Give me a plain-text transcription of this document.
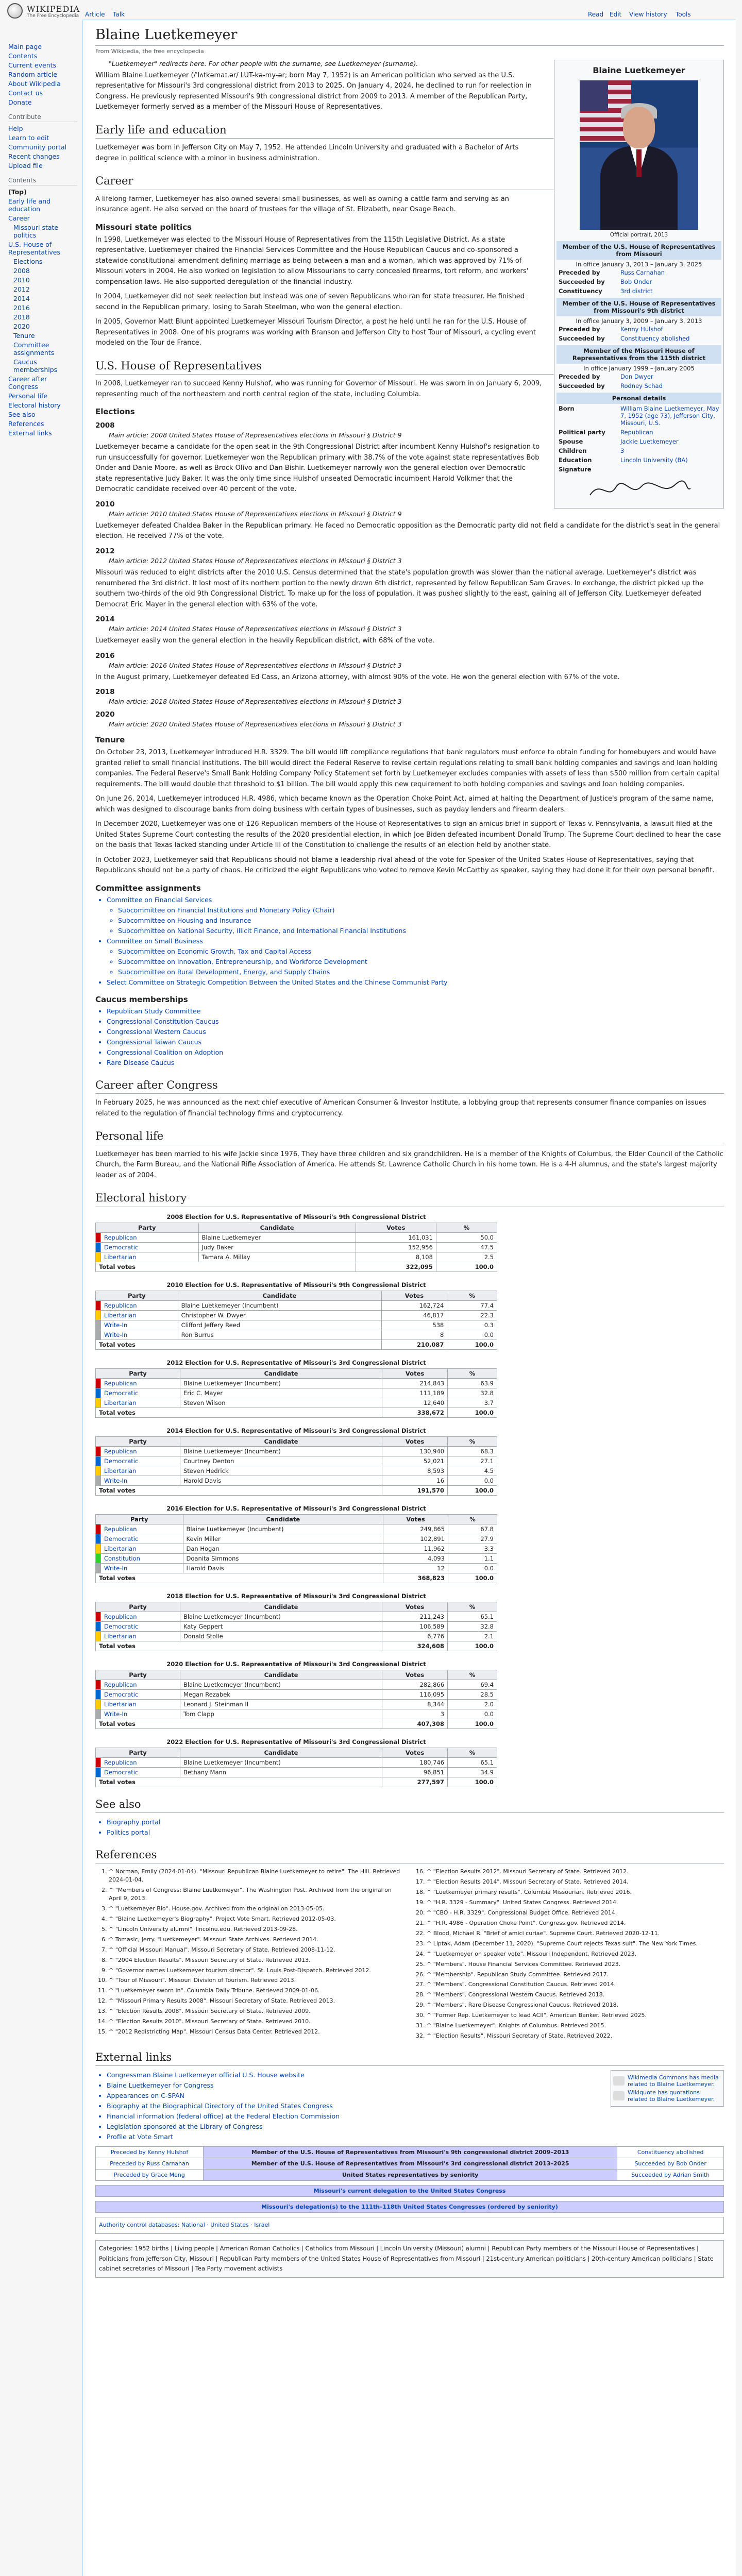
WIKIPEDIA
The Free Encyclopedia
Main page
Contents
Current events
Random article
About Wikipedia
Contact us
Donate
Contribute
Help
Learn to edit
Community portal
Recent changes
Upload file
Contents
(Top)
Early life and education
Career
Missouri state politics
U.S. House of Representatives
Elections
2008
2010
2012
2014
2016
2018
2020
Tenure
Committee assignments
Caucus memberships
Career after Congress
Personal life
Electoral history
See also
References
External links
Article Talk	Read Edit View history Tools
Blaine Luetkemeyer
From Wikipedia, the free encyclopedia
Blaine Luetkemeyer
Official portrait, 2013
Member of the U.S. House of Representatives from Missouri
In office January 3, 2013 – January 3, 2025
Preceded by	Russ Carnahan
Succeeded by	Bob Onder
Constituency	3rd district
Member of the U.S. House of Representatives from Missouri's 9th district
In office January 3, 2009 – January 3, 2013
Preceded by	Kenny Hulshof
Succeeded by	Constituency abolished
Member of the Missouri House of Representatives from the 115th district
In office January 1999 – January 2005
Preceded by	Don Dwyer
Succeeded by	Rodney Schad
Personal details
Born	William Blaine Luetkemeyer, May 7, 1952 (age 73), Jefferson City, Missouri, U.S.
Political party	Republican
Spouse	Jackie Luetkemeyer
Children	3
Education	Lincoln University (BA)
Signature
"Luetkemeyer" redirects here. For other people with the surname, see Luetkemeyer (surname).

William Blaine Luetkemeyer (/ˈlʌtkəmaɪ.ər/ LUT-kə-my-ər; born May 7, 1952) is an American politician who served as the U.S. representative for Missouri's 3rd congressional district from 2013 to 2025. On January 4, 2024, he declined to run for reelection in Congress. He previously represented Missouri's 9th congressional district from 2009 to 2013. A member of the Republican Party, Luetkemeyer formerly served as a member of the Missouri House of Representatives.

Early life and education

Luetkemeyer was born in Jefferson City on May 7, 1952. He attended Lincoln University and graduated with a Bachelor of Arts degree in political science with a minor in business administration.

Career

A lifelong farmer, Luetkemeyer has also owned several small businesses, as well as owning a cattle farm and serving as an insurance agent. He also served on the board of trustees for the village of St. Elizabeth, near Osage Beach.

Missouri state politics

In 1998, Luetkemeyer was elected to the Missouri House of Representatives from the 115th Legislative District. As a state representative, Luetkemeyer chaired the Financial Services Committee and the House Republican Caucus and co-sponsored a statewide constitutional amendment defining marriage as being between a man and a woman, which was approved by 71% of Missouri voters in 2004. He also worked on legislation to allow Missourians to carry concealed firearms, tort reform, and workers' compensation laws. He also supported deregulation of the financial industry.

In 2004, Luetkemeyer did not seek reelection but instead was one of seven Republicans who ran for state treasurer. He finished second in the Republican primary, losing to Sarah Steelman, who won the general election.

In 2005, Governor Matt Blunt appointed Luetkemeyer Missouri Tourism Director, a post he held until he ran for the U.S. House of Representatives in 2008. One of his programs was working with Branson and Jefferson City to host Tour of Missouri, a cycling event modeled on the Tour de France.

U.S. House of Representatives

In 2008, Luetkemeyer ran to succeed Kenny Hulshof, who was running for Governor of Missouri. He was sworn in on January 6, 2009, representing much of the northeastern and north central region of the state, including Columbia.

Elections
2008
Main article: 2008 United States House of Representatives elections in Missouri § District 9

Luetkemeyer became a candidate for the open seat in the 9th Congressional District after incumbent Kenny Hulshof's resignation to run unsuccessfully for governor. Luetkemeyer won the Republican primary with 38.7% of the vote against state representatives Bob Onder and Danie Moore, as well as Brock Olivo and Dan Bishir. Luetkemeyer narrowly won the general election over Democratic state representative Judy Baker. It was the only time since Hulshof unseated Democratic incumbent Harold Volkmer that the Democratic candidate received over 40 percent of the vote.

2010
Main article: 2010 United States House of Representatives elections in Missouri § District 9

Luetkemeyer defeated Chaldea Baker in the Republican primary. He faced no Democratic opposition as the Democratic party did not field a candidate for the district's seat in the general election. He received 77% of the vote.

2012
Main article: 2012 United States House of Representatives elections in Missouri § District 3

Missouri was reduced to eight districts after the 2010 U.S. Census determined that the state's population growth was slower than the national average. Luetkemeyer's district was renumbered the 3rd district. It lost most of its northern portion to the newly drawn 6th district, represented by fellow Republican Sam Graves. In exchange, the district picked up the southern two-thirds of the old 9th Congressional District. To make up for the loss of population, it was pushed slightly to the east, gaining all of Jefferson City. Luetkemeyer defeated Democrat Eric Mayer in the general election with 63% of the vote.

2014
Main article: 2014 United States House of Representatives elections in Missouri § District 3

Luetkemeyer easily won the general election in the heavily Republican district, with 68% of the vote.

2016
Main article: 2016 United States House of Representatives elections in Missouri § District 3

In the August primary, Luetkemeyer defeated Ed Cass, an Arizona attorney, with almost 90% of the vote. He won the general election with 67% of the vote.

2018
Main article: 2018 United States House of Representatives elections in Missouri § District 3
2020
Main article: 2020 United States House of Representatives elections in Missouri § District 3
Tenure

On October 23, 2013, Luetkemeyer introduced H.R. 3329. The bill would lift compliance regulations that bank regulators must enforce to obtain funding for homebuyers and would have granted relief to small financial institutions. The bill would direct the Federal Reserve to revise certain regulations relating to small bank holding companies and savings and loan holding companies. The Federal Reserve's Small Bank Holding Company Policy Statement set forth by Luetkemeyer excludes companies with assets of less than $500 million from certain capital requirements. The bill would double that threshold to $1 billion. The bill would apply this new requirement to both holding companies and savings and loan holding companies.

On June 26, 2014, Luetkemeyer introduced H.R. 4986, which became known as the Operation Choke Point Act, aimed at halting the Department of Justice's program of the same name, which was designed to discourage banks from doing business with certain types of businesses, such as payday lenders and firearm dealers.

In December 2020, Luetkemeyer was one of 126 Republican members of the House of Representatives to sign an amicus brief in support of Texas v. Pennsylvania, a lawsuit filed at the United States Supreme Court contesting the results of the 2020 presidential election, in which Joe Biden defeated incumbent Donald Trump. The Supreme Court declined to hear the case on the basis that Texas lacked standing under Article III of the Constitution to challenge the results of an election held by another state.

In October 2023, Luetkemeyer said that Republicans should not blame a leadership rival ahead of the vote for Speaker of the United States House of Representatives, saying that Republicans should not be a party of chaos. He criticized the eight Republicans who voted to remove Kevin McCarthy as speaker, saying they had done it for their own personal benefit.

Committee assignments
• Committee on Financial Services
◦ Subcommittee on Financial Institutions and Monetary Policy (Chair)
◦ Subcommittee on Housing and Insurance
◦ Subcommittee on National Security, Illicit Finance, and International Financial Institutions
• Committee on Small Business
◦ Subcommittee on Economic Growth, Tax and Capital Access
◦ Subcommittee on Innovation, Entrepreneurship, and Workforce Development
◦ Subcommittee on Rural Development, Energy, and Supply Chains
• Select Committee on Strategic Competition Between the United States and the Chinese Communist Party
Caucus memberships
• Republican Study Committee
• Congressional Constitution Caucus
• Congressional Western Caucus
• Congressional Taiwan Caucus
• Congressional Coalition on Adoption
• Rare Disease Caucus
Career after Congress

In February 2025, he was announced as the next chief executive of American Consumer & Investor Institute, a lobbying group that represents consumer finance companies on issues related to the regulation of financial technology firms and cryptocurrency.

Personal life

Luetkemeyer has been married to his wife Jackie since 1976. They have three children and six grandchildren. He is a member of the Knights of Columbus, the Elder Council of the Catholic Church, the Farm Bureau, and the National Rifle Association of America. He attends St. Lawrence Catholic Church in his home town. He is a 4-H alumnus, and the state's largest majority leader as of 2004.

Electoral history
2008 Election for U.S. Representative of Missouri's 9th Congressional District
Party		Candidate	Votes	%
	Republican	Blaine Luetkemeyer	161,031	50.0
	Democratic	Judy Baker	152,956	47.5
	Libertarian	Tamara A. Millay	8,108	2.5
Total votes			322,095	100.0
2010 Election for U.S. Representative of Missouri's 9th Congressional District
Party		Candidate	Votes	%
	Republican	Blaine Luetkemeyer (Incumbent)	162,724	77.4
	Libertarian	Christopher W. Dwyer	46,817	22.3
	Write-In	Clifford Jeffery Reed	538	0.3
	Write-In	Ron Burrus	8	0.0
Total votes			210,087	100.0
2012 Election for U.S. Representative of Missouri's 3rd Congressional District
Party		Candidate	Votes	%
	Republican	Blaine Luetkemeyer (Incumbent)	214,843	63.9
	Democratic	Eric C. Mayer	111,189	32.8
	Libertarian	Steven Wilson	12,640	3.7
Total votes			338,672	100.0
2014 Election for U.S. Representative of Missouri's 3rd Congressional District
Party		Candidate	Votes	%
	Republican	Blaine Luetkemeyer (Incumbent)	130,940	68.3
	Democratic	Courtney Denton	52,021	27.1
	Libertarian	Steven Hedrick	8,593	4.5
	Write-In	Harold Davis	16	0.0
Total votes			191,570	100.0
2016 Election for U.S. Representative of Missouri's 3rd Congressional District
Party		Candidate	Votes	%
	Republican	Blaine Luetkemeyer (Incumbent)	249,865	67.8
	Democratic	Kevin Miller	102,891	27.9
	Libertarian	Dan Hogan	11,962	3.3
	Constitution	Doanita Simmons	4,093	1.1
	Write-In	Harold Davis	12	0.0
Total votes			368,823	100.0
2018 Election for U.S. Representative of Missouri's 3rd Congressional District
Party		Candidate	Votes	%
	Republican	Blaine Luetkemeyer (Incumbent)	211,243	65.1
	Democratic	Katy Geppert	106,589	32.8
	Libertarian	Donald Stolle	6,776	2.1
Total votes			324,608	100.0
2020 Election for U.S. Representative of Missouri's 3rd Congressional District
Party		Candidate	Votes	%
	Republican	Blaine Luetkemeyer (Incumbent)	282,866	69.4
	Democratic	Megan Rezabek	116,095	28.5
	Libertarian	Leonard J. Steinman II	8,344	2.0
	Write-In	Tom Clapp	3	0.0
Total votes			407,308	100.0
2022 Election for U.S. Representative of Missouri's 3rd Congressional District
Party		Candidate	Votes	%
	Republican	Blaine Luetkemeyer (Incumbent)	180,746	65.1
	Democratic	Bethany Mann	96,851	34.9
Total votes			277,597	100.0
See also
• Biography portal
• Politics portal
References
1. ^ Norman, Emily (2024-01-04). "Missouri Republican Blaine Luetkemeyer to retire". The Hill. Retrieved 2024-01-04.
2. ^ "Members of Congress: Blaine Luetkemeyer". The Washington Post. Archived from the original on April 9, 2013.
3. ^ "Luetkemeyer Bio". House.gov. Archived from the original on 2013-05-05.
4. ^ "Blaine Luetkemeyer's Biography". Project Vote Smart. Retrieved 2012-05-03.
5. ^ "Lincoln University alumni". lincolnu.edu. Retrieved 2013-09-28.
6. ^ Tomasic, Jerry. "Luetkemeyer". Missouri State Archives. Retrieved 2014.
7. ^ "Official Missouri Manual". Missouri Secretary of State. Retrieved 2008-11-12.
8. ^ "2004 Election Results". Missouri Secretary of State. Retrieved 2013.
9. ^ "Governor names Luetkemeyer tourism director". St. Louis Post-Dispatch. Retrieved 2012.
10. ^ "Tour of Missouri". Missouri Division of Tourism. Retrieved 2013.
11. ^ "Luetkemeyer sworn in". Columbia Daily Tribune. Retrieved 2009-01-06.
12. ^ "Missouri Primary Results 2008". Missouri Secretary of State. Retrieved 2013.
13. ^ "Election Results 2008". Missouri Secretary of State. Retrieved 2009.
14. ^ "Election Results 2010". Missouri Secretary of State. Retrieved 2010.
15. ^ "2012 Redistricting Map". Missouri Census Data Center. Retrieved 2012.
16. ^ "Election Results 2012". Missouri Secretary of State. Retrieved 2012.
17. ^ "Election Results 2014". Missouri Secretary of State. Retrieved 2014.
18. ^ "Luetkemeyer primary results". Columbia Missourian. Retrieved 2016.
19. ^ "H.R. 3329 - Summary". United States Congress. Retrieved 2014.
20. ^ "CBO - H.R. 3329". Congressional Budget Office. Retrieved 2014.
21. ^ "H.R. 4986 - Operation Choke Point". Congress.gov. Retrieved 2014.
22. ^ Blood, Michael R. "Brief of amici curiae". Supreme Court. Retrieved 2020-12-11.
23. ^ Liptak, Adam (December 11, 2020). "Supreme Court rejects Texas suit". The New York Times.
24. ^ "Luetkemeyer on speaker vote". Missouri Independent. Retrieved 2023.
25. ^ "Members". House Financial Services Committee. Retrieved 2023.
26. ^ "Membership". Republican Study Committee. Retrieved 2017.
27. ^ "Members". Congressional Constitution Caucus. Retrieved 2014.
28. ^ "Members". Congressional Western Caucus. Retrieved 2018.
29. ^ "Members". Rare Disease Congressional Caucus. Retrieved 2018.
30. ^ "Former Rep. Luetkemeyer to lead ACII". American Banker. Retrieved 2025.
31. ^ "Blaine Luetkemeyer". Knights of Columbus. Retrieved 2015.
32. ^ "Election Results". Missouri Secretary of State. Retrieved 2022.
External links
Wikimedia Commons has media related to Blaine Luetkemeyer.
Wikiquote has quotations related to Blaine Luetkemeyer.
• Congressman Blaine Luetkemeyer official U.S. House website
• Blaine Luetkemeyer for Congress
• Appearances on C-SPAN
• Biography at the Biographical Directory of the United States Congress
• Financial information (federal office) at the Federal Election Commission
• Legislation sponsored at the Library of Congress
• Profile at Vote Smart
Preceded by Kenny Hulshof	Member of the U.S. House of Representatives from Missouri's 9th congressional district 2009–2013	Constituency abolished
Preceded by Russ Carnahan	Member of the U.S. House of Representatives from Missouri's 3rd congressional district 2013–2025	Succeeded by Bob Onder
Preceded by Grace Meng	United States representatives by seniority	Succeeded by Adrian Smith
Missouri's current delegation to the United States Congress
Missouri's delegation(s) to the 111th–118th United States Congresses (ordered by seniority)
Authority control databases: National · United States · Israel
Categories: 1952 births | Living people | American Roman Catholics | Catholics from Missouri | Lincoln University (Missouri) alumni | Republican Party members of the Missouri House of Representatives | Politicians from Jefferson City, Missouri | Republican Party members of the United States House of Representatives from Missouri | 21st-century American politicians | 20th-century American politicians | State cabinet secretaries of Missouri | Tea Party movement activists
